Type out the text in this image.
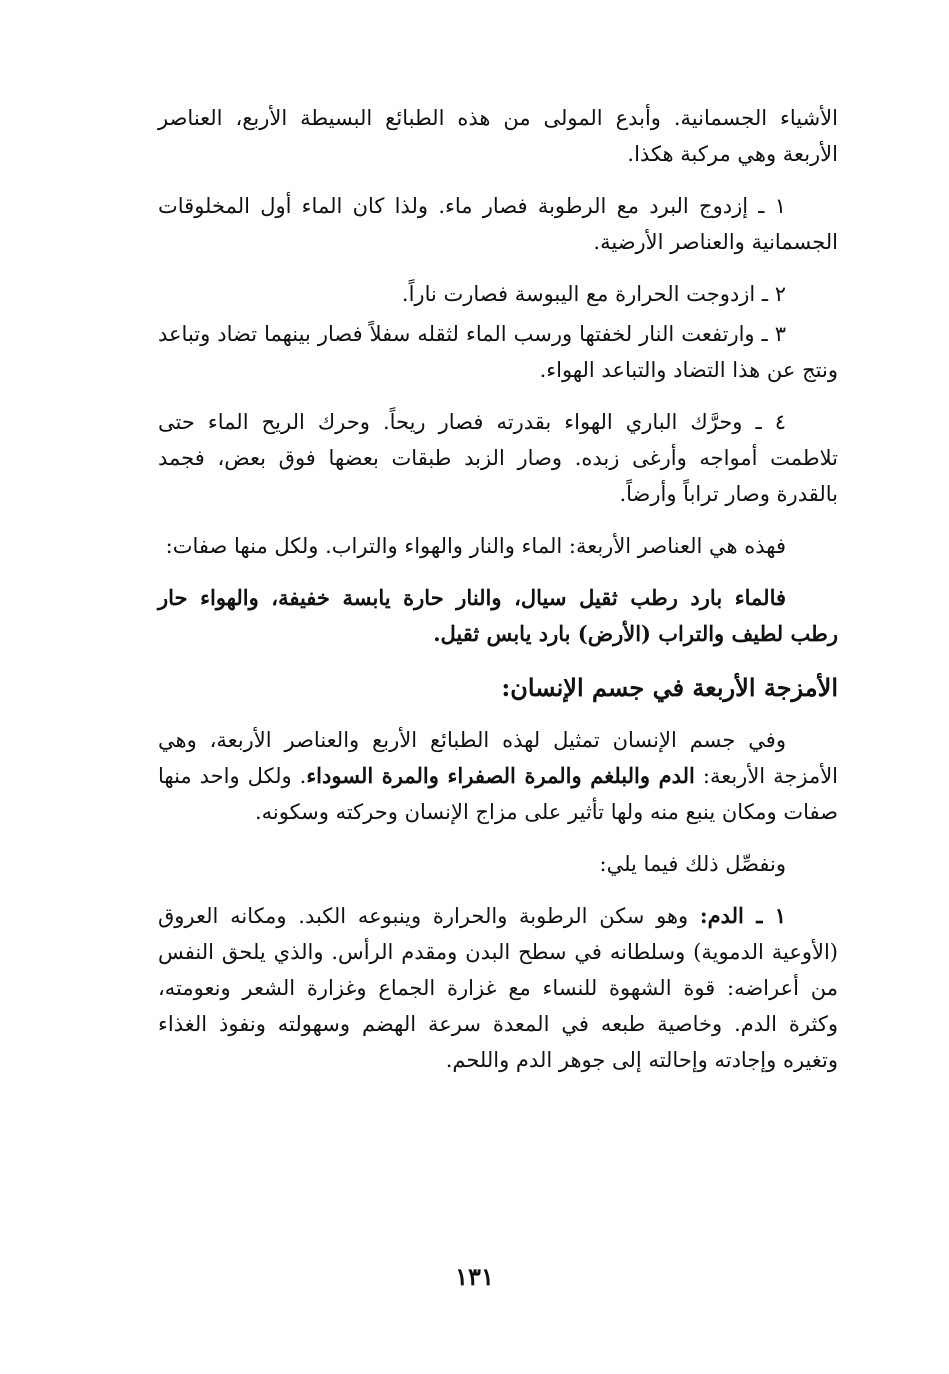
الأشياء الجسمانية. وأبدع المولى من هذه الطبائع البسيطة الأربع، العناصر الأربعة وهي مركبة هكذا.

١ ـ إزدوج البرد مع الرطوبة فصار ماء. ولذا كان الماء أول المخلوقات الجسمانية والعناصر الأرضية.

٢ ـ ازدوجت الحرارة مع اليبوسة فصارت ناراً.

٣ ـ وارتفعت النار لخفتها ورسب الماء لثقله سفلاً فصار بينهما تضاد وتباعد ونتج عن هذا التضاد والتباعد الهواء.

٤ ـ وحرَّك الباري الهواء بقدرته فصار ريحاً. وحرك الريح الماء حتى تلاطمت أمواجه وأرغى زبده. وصار الزبد طبقات بعضها فوق بعض، فجمد بالقدرة وصار تراباً وأرضاً.

فهذه هي العناصر الأربعة: الماء والنار والهواء والتراب. ولكل منها صفات:

فالماء بارد رطب ثقيل سيال، والنار حارة يابسة خفيفة، والهواء حار رطب لطيف والتراب (الأرض) بارد يابس ثقيل.

الأمزجة الأربعة في جسم الإنسان:

وفي جسم الإنسان تمثيل لهذه الطبائع الأربع والعناصر الأربعة، وهي الأمزجة الأربعة: الدم والبلغم والمرة الصفراء والمرة السوداء. ولكل واحد منها صفات ومكان ينبع منه ولها تأثير على مزاج الإنسان وحركته وسكونه.

ونفصِّل ذلك فيما يلي:

١ ـ الدم: وهو سكن الرطوبة والحرارة وينبوعه الكبد. ومكانه العروق (الأوعية الدموية) وسلطانه في سطح البدن ومقدم الرأس. والذي يلحق النفس من أعراضه: قوة الشهوة للنساء مع غزارة الجماع وغزارة الشعر ونعومته، وكثرة الدم. وخاصية طبعه في المعدة سرعة الهضم وسهولته ونفوذ الغذاء وتغيره وإجادته وإحالته إلى جوهر الدم واللحم.

١٣١
